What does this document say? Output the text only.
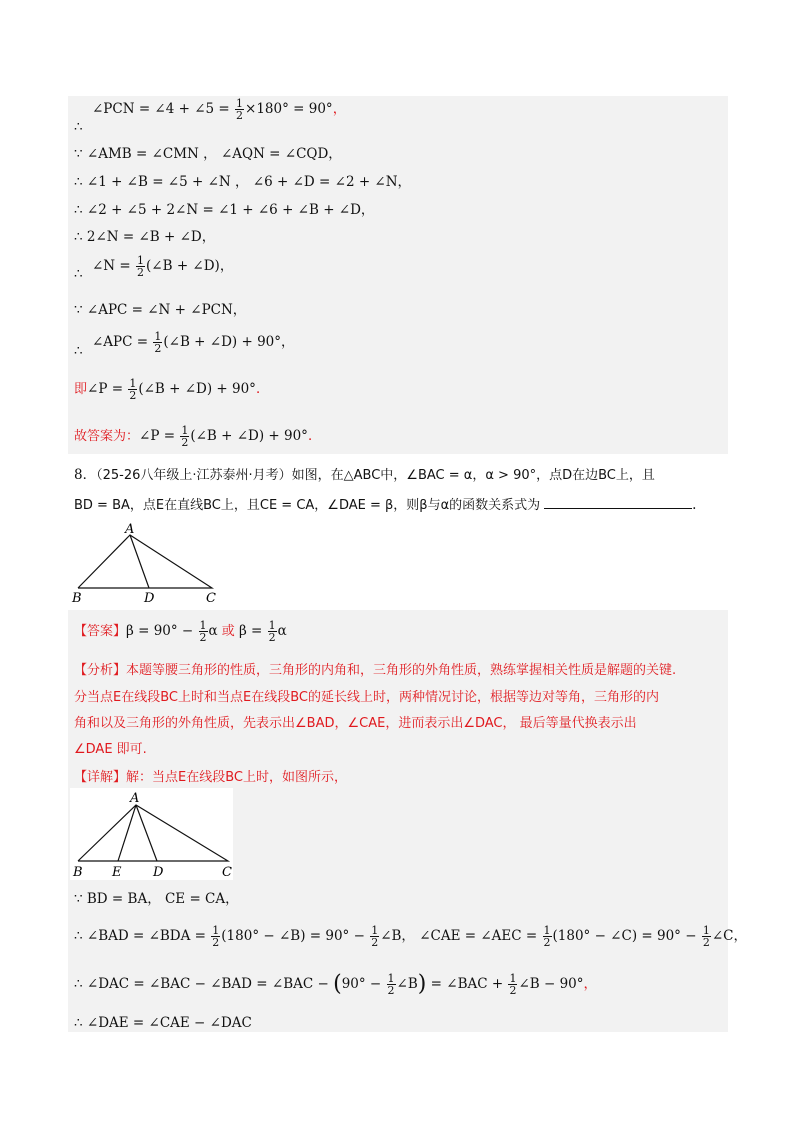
∠PCN = ∠4 + ∠5 = $\frac{1}{2} \times 180^\circ = 90^\circ$，
∴
∵ ∠AMB = ∠CMN ， ∠AQN = ∠CQD，
∴ ∠1 + ∠B = ∠5 + ∠N ， ∠6 + ∠D = ∠2 + ∠N，
∴ ∠2 + ∠5 + 2∠N = ∠1 + ∠6 + ∠B + ∠D，
∴ 2∠N = ∠B + ∠D，
∠N = $\frac{1}{2}$ (∠B + ∠D)，
∴
∵ ∠APC = ∠N + ∠PCN，
∠APC = $\frac{1}{2}$ (∠B + ∠D) + 90°，
∴
即∠P = $\frac{1}{2}$ (∠B + ∠D) + 90°．
故答案为：∠P = $\frac{1}{2}$ (∠B + ∠D) + 90°．
8．（25-26八年级上·江苏泰州·月考）如图，在△ABC中，∠BAC = α，α > 90°，点D在边BC上，且
BD = BA，点E在直线BC上，且CE = CA，∠DAE = β，则β与α的函数关系式为	.
A
B	D	C
【答案】$\beta = 90^\circ - \frac{1}{2}$ α 或 $\beta = \frac{1}{2}$ α
【分析】本题等腰三角形的性质，三角形的内角和，三角形的外角性质，熟练掌握相关性质是解题的关键.
分当点E在线段BC上时和当点E在线段BC的延长线上时，两种情况讨论，根据等边对等角，三角形的内
角和以及三角形的外角性质，先表示出∠BAD，∠CAE，进而表示出∠DAC， 最后等量代换表示出
∠DAE 即可.
【详解】解：当点E在线段BC上时，如图所示，
A
B E D	C
∵ BD = BA， CE = CA，
∴ ∠BAD = ∠BDA = $\frac{1}{2} (180^\circ$ − ∠B) = $90^\circ - \frac{1}{2}$ ∠B， ∠CAE = ∠AEC = $\frac{1}{2} (180^\circ$ − ∠C) = $90^\circ - \frac{1}{2}$ ∠C，
∴ ∠DAC = ∠BAC − ∠BAD = ∠BAC − ($90^\circ - \frac{1}{2}$ ∠B) = ∠BAC + $\frac{1}{2}$ ∠B − 90°，
∴ ∠DAE = ∠CAE − ∠DAC
